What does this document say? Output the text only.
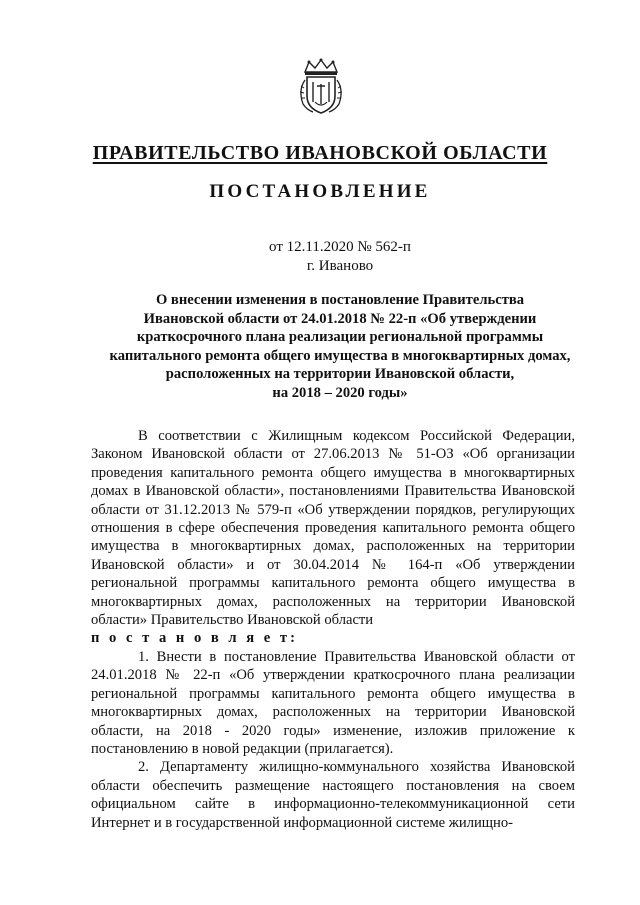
ПРАВИТЕЛЬСТВО ИВАНОВСКОЙ ОБЛАСТИ
ПОСТАНОВЛЕНИЕ
от 12.11.2020 № 562-п
г. Иваново
О внесении изменения в постановление Правительства
Ивановской области от 24.01.2018 № 22-п «Об утверждении
краткосрочного плана реализации региональной программы
капитального ремонта общего имущества в многоквартирных домах,
расположенных на территории Ивановской области,
на 2018 – 2020 годы»

В соответствии с Жилищным кодексом Российской Федерации, Законом Ивановской области от 27.06.2013 № 51-ОЗ «Об организации проведения капитального ремонта общего имущества в многоквартирных домах в Ивановской области», постановлениями Правительства Ивановской области от 31.12.2013 № 579-п «Об утверждении порядков, регулирующих отношения в сфере обеспечения проведения капитального ремонта общего имущества в многоквартирных домах, расположенных на территории Ивановской области» и от 30.04.2014 № 164-п «Об утверждении региональной программы капитального ремонта общего имущества в многоквартирных домах, расположенных на территории Ивановской области» Правительство Ивановской области

п о с т а н о в л я е т:

1. Внести в постановление Правительства Ивановской области от 24.01.2018 № 22-п «Об утверждении краткосрочного плана реализации региональной программы капитального ремонта общего имущества в многоквартирных домах, расположенных на территории Ивановской области, на 2018 - 2020 годы» изменение, изложив приложение к постановлению в новой редакции (прилагается).

2. Департаменту жилищно-коммунального хозяйства Ивановской области обеспечить размещение настоящего постановления на своем официальном сайте в информационно-телекоммуникационной сети Интернет и в государственной информационной системе жилищно-
